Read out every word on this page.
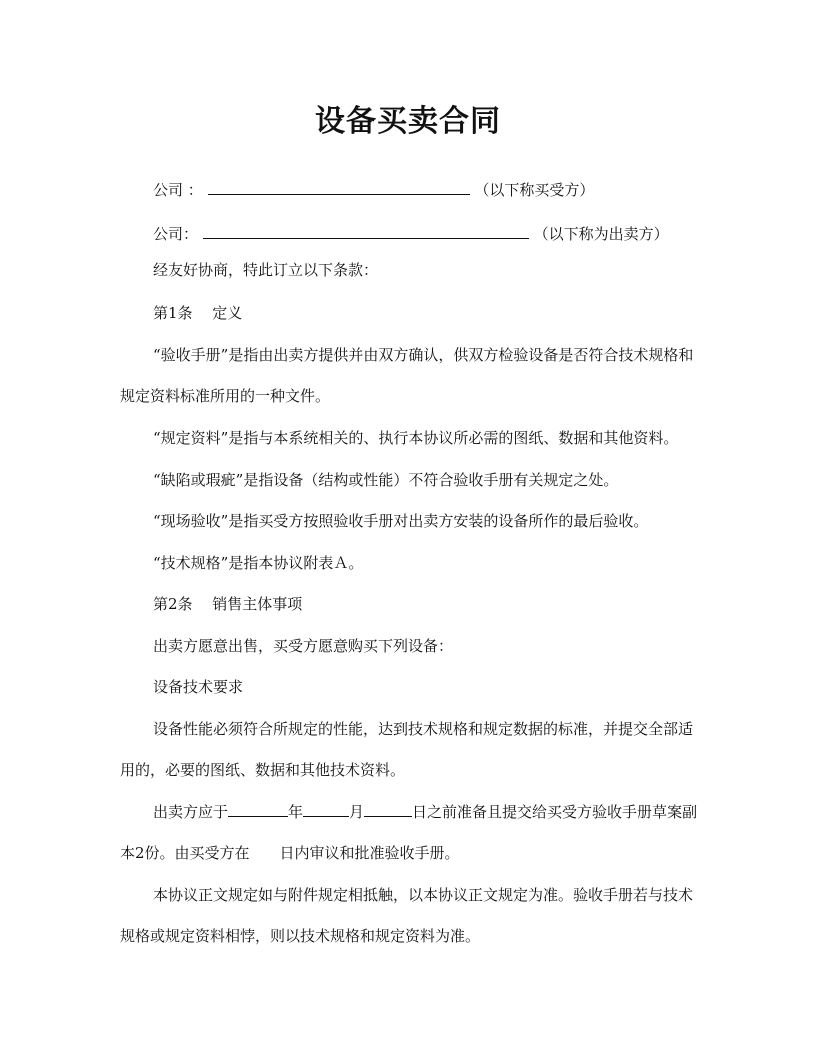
设备买卖合同

公司 ：	（以下称买受方）

公司：	（以下称为出卖方）

经友好协商，特此订立以下条款：

第1条　 定义

“验收手册”是指由出卖方提供并由双方确认，供双方检验设备是否符合技术规格和规定资料标准所用的一种文件。

“规定资料”是指与本系统相关的、执行本协议所必需的图纸、数据和其他资料。

“缺陷或瑕疵”是指设备（结构或性能）不符合验收手册有关规定之处。

“现场验收”是指买受方按照验收手册对出卖方安装的设备所作的最后验收。

“技术规格”是指本协议附表Ａ。

第2条　 销售主体事项

出卖方愿意出售，买受方愿意购买下列设备：

设备技术要求

设备性能必须符合所规定的性能，达到技术规格和规定数据的标准，并提交全部适用的，必要的图纸、数据和其他技术资料。

出卖方应于	年	月	日之前准备且提交给买受方验收手册草案副本2份。由买受方在 日内审议和批准验收手册。

本协议正文规定如与附件规定相抵触，以本协议正文规定为准。验收手册若与技术规格或规定资料相悖，则以技术规格和规定资料为准。
